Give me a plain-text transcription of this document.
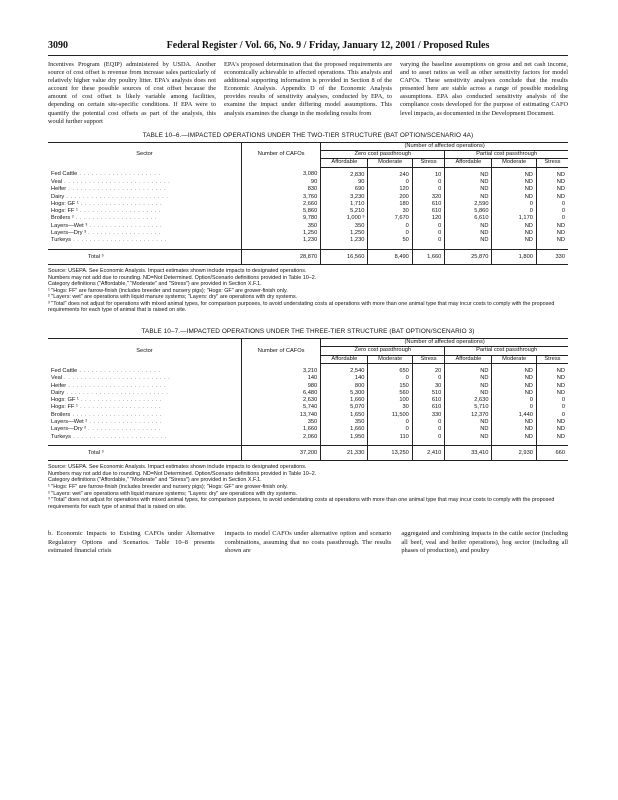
3090	Federal Register / Vol. 66, No. 9 / Friday, January 12, 2001 / Proposed Rules

Incentives Program (EQIP) administered by USDA. Another source of cost offset is revenue from increase sales particularly of relatively higher value dry poultry litter. EPA's analysis does not account for these possible sources of cost offset because the amount of cost offset is likely variable among facilities, depending on certain site-specific conditions. If EPA were to quantify the potential cost offsets as part of the analysis, this would further support

EPA's proposed determination that the proposed requirements are economically achievable to affected operations. This analysis and additional supporting information is provided in Section 8 of the Economic Analysis. Appendix D of the Economic Analysis provides results of sensitivity analyses, conducted by EPA, to examine the impact under differing model assumptions. This analysis examines the change in the modeling results from

varying the baseline assumptions on gross and net cash income, and to asset ratios as well as other sensitivity factors for model CAFOs. These sensitivity analyses conclude that the results presented here are stable across a range of possible modeling assumptions. EPA also conducted sensitivity analysis of the compliance costs developed for the purpose of estimating CAFO level impacts, as documented in the Development Document.

TABLE 10–6.—IMPACTED OPERATIONS UNDER THE TWO-TIER STRUCTURE (BAT OPTION/SCENARIO 4A)
Sector	Number of CAFOs	(Number of affected operations)					
		Zero cost passthrough			Partial cost passthrough		
		Affordable	Moderate	Stress	Affordable	Moderate	Stress
Fed Cattle . . . . . . . . . . . . . . . . . . . .	3,080	2,830	240	10	ND	ND	ND
Veal . . . . . . . . . . . . . . . . . . . . . . . . . .	90	90	0	0	ND	ND	ND
Heifer . . . . . . . . . . . . . . . . . . . . . . . .	830	690	120	0	ND	ND	ND
Dairy . . . . . . . . . . . . . . . . . . . . . . . . .	3,760	3,230	200	320	ND	ND	ND
Hogs: GF ¹ . . . . . . . . . . . . . . . . . . . .	2,660	1,710	180	610	2,590	0	0
Hogs: FF ¹ . . . . . . . . . . . . . . . . . . . .	5,860	5,210	30	610	5,860	0	0
Broilers ² . . . . . . . . . . . . . . . . . . . .	9,780	1,000 ³	7,670	120	6,610	1,170	0
Layers—Wet ³ . . . . . . . . . . . . . . . . . .	350	350	0	0	ND	ND	ND
Layers—Dry ³ . . . . . . . . . . . . . . . . . .	1,250	1,250	0	0	ND	ND	ND
Turkeys . . . . . . . . . . . . . . . . . . . . . . .	1,230	1,230	50	0	ND	ND	ND
Total ³	28,870	16,560	8,490	1,660	25,870	1,800	330

Source: USEPA. See Economic Analysis. Impact estimates shown include impacts to designated operations.

Numbers may not add due to rounding. ND=Not Determined. Option/Scenario definitions provided in Table 10–2.

Category definitions ("Affordable," "Moderate" and "Stress") are provided in Section X.F.1.

¹ "Hogs: FF" are farrow-finish (includes breeder and nursery pigs); "Hogs: GF" are grower-finish only.

² "Layers: wet" are operations with liquid manure systems; "Layers: dry" are operations with dry systems.

³ "Total" does not adjust for operations with mixed animal types, for comparison purposes, to avoid understating costs at operations with more than one animal type that may incur costs to comply with the proposed requirements for each type of animal that is raised on site.

TABLE 10–7.—IMPACTED OPERATIONS UNDER THE THREE-TIER STRUCTURE (BAT OPTION/SCENARIO 3)
Sector	Number of CAFOs	(Number of affected operations)					
		Zero cost passthrough			Partial cost passthrough		
		Affordable	Moderate	Stress	Affordable	Moderate	Stress
Fed Cattle . . . . . . . . . . . . . . . . . . . .	3,210	2,540	650	20	ND	ND	ND
Veal . . . . . . . . . . . . . . . . . . . . . . . . . .	140	140	0	0	ND	ND	ND
Heifer . . . . . . . . . . . . . . . . . . . . . . . .	980	800	150	30	ND	ND	ND
Dairy . . . . . . . . . . . . . . . . . . . . . . . . .	6,480	5,300	560	510	ND	ND	ND
Hogs: GF ¹ . . . . . . . . . . . . . . . . . . . .	2,630	1,660	100	610	2,630	0	0
Hogs: FF ¹ . . . . . . . . . . . . . . . . . . . .	5,740	5,070	30	610	5,710	0	0
Broilers . . . . . . . . . . . . . . . . . . . . . .	13,740	1,650	11,500	330	12,370	1,440	0
Layers—Wet ² . . . . . . . . . . . . . . . . . .	350	350	0	0	ND	ND	ND
Layers—Dry ² . . . . . . . . . . . . . . . . . .	1,660	1,660	0	0	ND	ND	ND
Turkeys . . . . . . . . . . . . . . . . . . . . . . .	2,060	1,950	110	0	ND	ND	ND
Total ³	37,200	21,330	13,250	2,410	33,410	2,930	660

Source: USEPA. See Economic Analysis. Impact estimates shown include impacts to designated operations.

Numbers may not add due to rounding. ND=Not Determined. Option/Scenario definitions provided in Table 10–2.

Category definitions ("Affordable," "Moderate" and "Stress") are provided in Section X.F.1.

¹ "Hogs: FF" are farrow-finish (includes breeder and nursery pigs); "Hogs: GF" are grower-finish only.

² "Layers: wet" are operations with liquid manure systems; "Layers: dry" are operations with dry systems.

³ "Total" does not adjust for operations with mixed animal types, for comparison purposes, to avoid understating costs at operations with more than one animal type that may incur costs to comply with the proposed requirements for each type of animal that is raised on site.

b. Economic Impacts to Existing CAFOs under Alternative Regulatory Options and Scenarios. Table 10–8 presents estimated financial crisis

impacts to model CAFOs under alternative option and scenario combinations, assuming that no costs passthrough. The results shown are

aggregated and combining impacts in the cattle sector (including all beef, veal and heifer operations), hog sector (including all phases of production), and poultry
